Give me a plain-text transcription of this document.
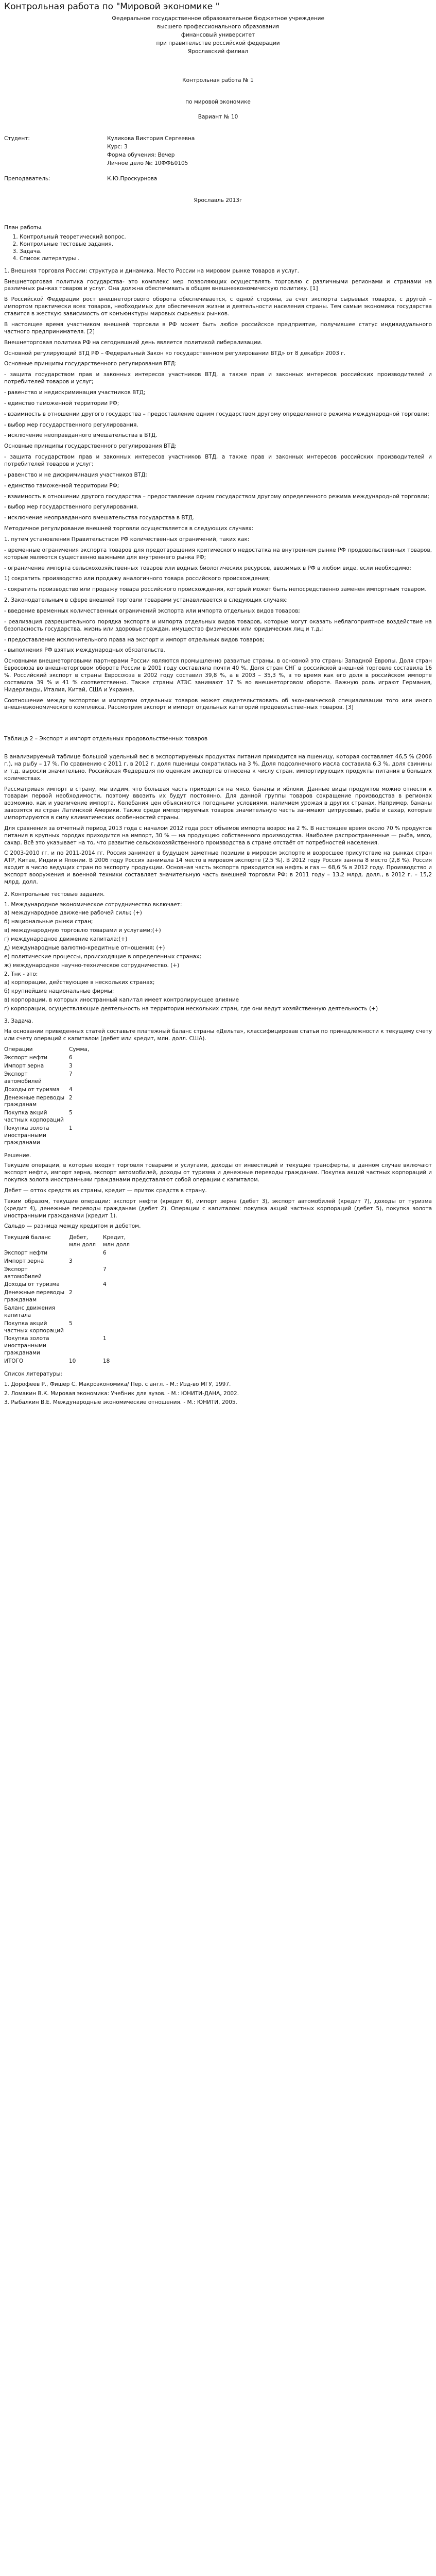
Контрольная работа по "Мировой экономике "
Федеральное государственное образовательное бюджетное учреждение
высшего профессионального образования
финансовый университет
при правительстве российской федерации
Ярославский филиал
Контрольная работа № 1
по мировой экономике
Вариант № 10
Студент:	Куликова Виктория Сергеевна
Курс: 3
Форма обучения: Вечер
Личное дело №: 10ФФБ0105
Преподаватель:	К.Ю.Проскурнова
Ярославль 2013г
План работы.
1. Контрольный теоретический вопрос.
2. Контрольные тестовые задания.
3. Задача.
4. Список литературы .

1. Внешняя торговля России: структура и динамика. Место России на мировом рынке товаров и услуг.

Внешнеторговая политика государства- это комплекс мер позволяющих осуществлять торговлю с различными регионами и странами на различных рынках товаров и услуг. Она должна обеспечивать в общем внешнеэкономическую политику. [1]

В Российской Федерации рост внешнеторгового оборота обеспечивается, с одной стороны, за счет экспорта сырьевых товаров, с другой – импортом практически всех товаров, необходимых для обеспечения жизни и деятельности населения страны. Тем самым экономика государства ставится в жесткую зависимость от конъюнктуры мировых сырьевых рынков.

В настоящее время участником внешней торговли в РФ может быть любое российское предприятие, получившее статус индивидуального частного предпринимателя. [2]

Внешнеторговая политика РФ на сегодняшний день является политикой либерализации.

Основной регулирующий ВТД РФ – Федеральный Закон «о государственном регулировании ВТД» от 8 декабря 2003 г.

Основные принципы государственного регулирования ВТД:

- защита государством прав и законных интересов участников ВТД, а также прав и законных интересов российских производителей и потребителей товаров и услуг;

- равенство и недискриминация участников ВТД;

- единство таможенной территории РФ;

- взаимность в отношении другого государства – предоставление одним государством другому определенного режима международной торговли;

- выбор мер государственного регулирования.

- исключение неоправданного вмешательства в ВТД.

Основные принципы государственного регулирования ВТД:

- защита государством прав и законных интересов участников ВТД, а также прав и законных интересов российских производителей и потребителей товаров и услуг;

- равенство и не дискриминация участников ВТД;

- единство таможенной территории РФ;

- взаимность в отношении другого государства – предоставление одним государством другому определенного режима международной торговли;

- выбор мер государственного регулирования.

- исключение неоправданного вмешательства государства в ВТД.

Методичное регулирование внешней торговли осуществляется в следующих случаях:

1. путем установления Правительством РФ количественных ограничений, таких как:

- временные ограничения экспорта товаров для предотвращения критического недостатка на внутреннем рынке РФ продовольственных товаров, которые являются существенно важными для внутреннего рынка РФ;

- ограничение импорта сельскохозяйственных товаров или водных биологических ресурсов, ввозимых в РФ в любом виде, если необходимо:

1) сократить производство или продажу аналогичного товара российского происхождения;

- сократить производство или продажу товара российского происхождения, который может быть непосредственно заменен импортным товаром.

2. Законодательным в сфере внешней торговли товарами устанавливается в следующих случаях:

- введение временных количественных ограничений экспорта или импорта отдельных видов товаров;

- реализация разрешительного порядка экспорта и импорта отдельных видов товаров, которые могут оказать неблагоприятное воздействие на безопасность государства, жизнь или здоровье граждан, имущество физических или юридических лиц и т.д.;

- предоставление исключительного права на экспорт и импорт отдельных видов товаров;

- выполнения РФ взятых международных обязательств.

Основными внешнеторговыми партнерами России являются промышленно развитые страны, в основной это страны Западной Европы. Доля стран Евросоюза во внешнеторговом обороте России в 2001 году составляла почти 40 %. Доля стран СНГ в российской внешней торговле составила 16 %. Российский экспорт в страны Евросоюза в 2002 году составил 39,8 %, а в 2003 – 35,3 %, в то время как его доля в российском импорте составила 39 % и 41 % соответственно. Также страны АТЭС занимают 17 % во внешнеторговом обороте. Важную роль играют Германия, Нидерланды, Италия, Китай, США и Украина.

Соотношение между экспортом и импортом отдельных товаров может свидетельствовать об экономической специализации того или иного внешнеэкономического комплекса. Рассмотрим экспорт и импорт отдельных категорий продовольственных товаров. [3]

Таблица 2 – Экспорт и импорт отдельных продовольственных товаров

В анализируемый таблице большой удельный вес в экспортируемых продуктах питания приходится на пшеницу, которая составляет 46,5 % (2006 г.), на рыбу – 17 %. По сравнению с 2011 г. в 2012 г. доля пшеницы сократилась на 3 %. Доля подсолнечного масла составила 6,3 %, доля свинины и т.д. выросли значительно. Российская Федерация по оценкам экспертов отнесена к числу стран, импортирующих продукты питания в больших количествах.

Рассматривая импорт в страну, мы видим, что большая часть приходится на мясо, бананы и яблоки. Данные виды продуктов можно отнести к товарам первой необходимости, поэтому ввозить их будут постоянно. Для данной группы товаров сокращение производства в регионах возможно, как и увеличение импорта. Колебания цен объясняются погодными условиями, наличием урожая в других странах. Например, бананы завозятся из стран Латинской Америки. Также среди импортируемых товаров значительную часть занимают цитрусовые, рыба и сахар, которые импортируются в силу климатических особенностей страны.

Для сравнения за отчетный период 2013 года с началом 2012 года рост объемов импорта возрос на 2 %. В настоящее время около 70 % продуктов питания в крупных городах приходится на импорт, 30 % — на продукцию собственного производства. Наиболее распространенные — рыба, мясо, сахар. Всё это указывает на то, что развитие сельскохозяйственного производства в стране отстаёт от потребностей населения.

С 2003-2010 гг. и по 2011-2014 гг. Россия занимает в будущем заметные позиции в мировом экспорте и возросшее присутствие на рынках стран АТР, Китае, Индии и Японии. В 2006 году Россия занимала 14 место в мировом экспорте (2,5 %). В 2012 году Россия заняла 8 место (2,8 %). Россия входит в число ведущих стран по экспорту продукции. Основная часть экспорта приходится на нефть и газ — 68,6 % в 2012 году. Производство и экспорт вооружения и военной техники составляет значительную часть внешней торговли РФ: в 2011 году – 13,2 млрд. долл., в 2012 г. – 15,2 млрд. долл.

2. Контрольные тестовые задания.
1. Международное экономическое сотрудничество включает:
а) международное движение рабочей силы; (+)
б) национальные рынки стран;
в) международную торговлю товарами и услугами;(+)
г) международное движение капитала;(+)
д) международные валютно-кредитные отношения; (+)
е) политические процессы, происходящие в определенных странах;
ж) международное научно-техническое сотрудничество. (+)
2. Тнк - это:
а) корпорации, действующие в нескольких странах;
б) крупнейшие национальные фирмы;
в) корпорации, в которых иностранный капитал имеет контролирующее влияние
г) корпорации, осуществляющие деятельность на территории нескольких стран, где они ведут хозяйственную деятельность (+)
3. Задача.

На основании приведенных статей составьте платежный баланс страны «Дельта», классифицировав статьи по принадлежности к текущему счету или счету операций с капиталом (дебет или кредит, млн. долл. США).

Операции	Сумма,	
Экспорт нефти	6	
Импорт зерна	3	
Экспорт автомобилей	7	
Доходы от туризма	4	
Денежные переводы гражданам	2	
Покупка акций частных корпораций	5	
Покупка золота иностранными гражданами	1	
Решение.

Текущие операции, в которые входят торговля товарами и услугами, доходы от инвестиций и текущие трансферты, в данном случае включают экспорт нефти, импорт зерна, экспорт автомобилей, доходы от туризма и денежные переводы гражданам. Покупка акций частных корпораций и покупка золота иностранными гражданами представляют собой операции с капиталом.

Дебет — отток средств из страны, кредит — приток средств в страну.

Таким образом, текущие операции: экспорт нефти (кредит 6), импорт зерна (дебет 3), экспорт автомобилей (кредит 7), доходы от туризма (кредит 4), денежные переводы гражданам (дебет 2). Операции с капиталом: покупка акций частных корпораций (дебет 5), покупка золота иностранными гражданами (кредит 1).

Сальдо — разница между кредитом и дебетом.

Текущий баланс	Дебет, млн долл	Кредит, млн долл
Экспорт нефти		6
Импорт зерна	3	
Экспорт автомобилей		7
Доходы от туризма		4
Денежные переводы гражданам	2	
Баланс движения капитала		
Покупка акций частных корпораций	5	
Покупка золота иностранными гражданами		1
ИТОГО	10	18
Список литературы:
1. Дорофеев Р., Фишер С. Макроэкономика/ Пер. с англ. - М.: Изд-во МГУ, 1997.
2. Ломакин В.К. Мировая экономика: Учебник для вузов. - М.: ЮНИТИ-ДАНА, 2002.
3. Рыбалкин В.Е. Международные экономические отношения. - М.: ЮНИТИ, 2005.
